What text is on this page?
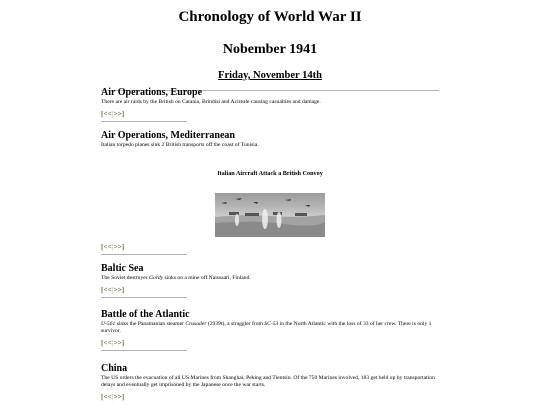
Chronology of World War II
Nobember 1941
Friday, November 14th

Air Operations, Europe

There are air raids by the British on Catania, Brindisi and Acireale causing casualties and damage.

[<<|>>]

Air Operations, Mediterranean

Italian torpedo planes sink 2 British transports off the coast of Tunisia.

Italian Aircraft Attack a British Convoy

[<<|>>]

Baltic Sea

The Soviet destroyer Gordy sinks on a mine off Naissaari, Finland.

[<<|>>]

Battle of the Atlantic

U-561 sinks the Panamanian steamer Crusader (2939t), a straggler from SC-53 in the North Atlantic with the loss of 33 of her crew. There is only 1 survivor.

[<<|>>]

China

The US orders the evacuation of all US Marines from Shanghai, Peking and Tientsin. Of the 750 Marines involved, 183 get held up by transportation delays and eventually get imprisoned by the Japanese once the war starts.

[<<|>>]
